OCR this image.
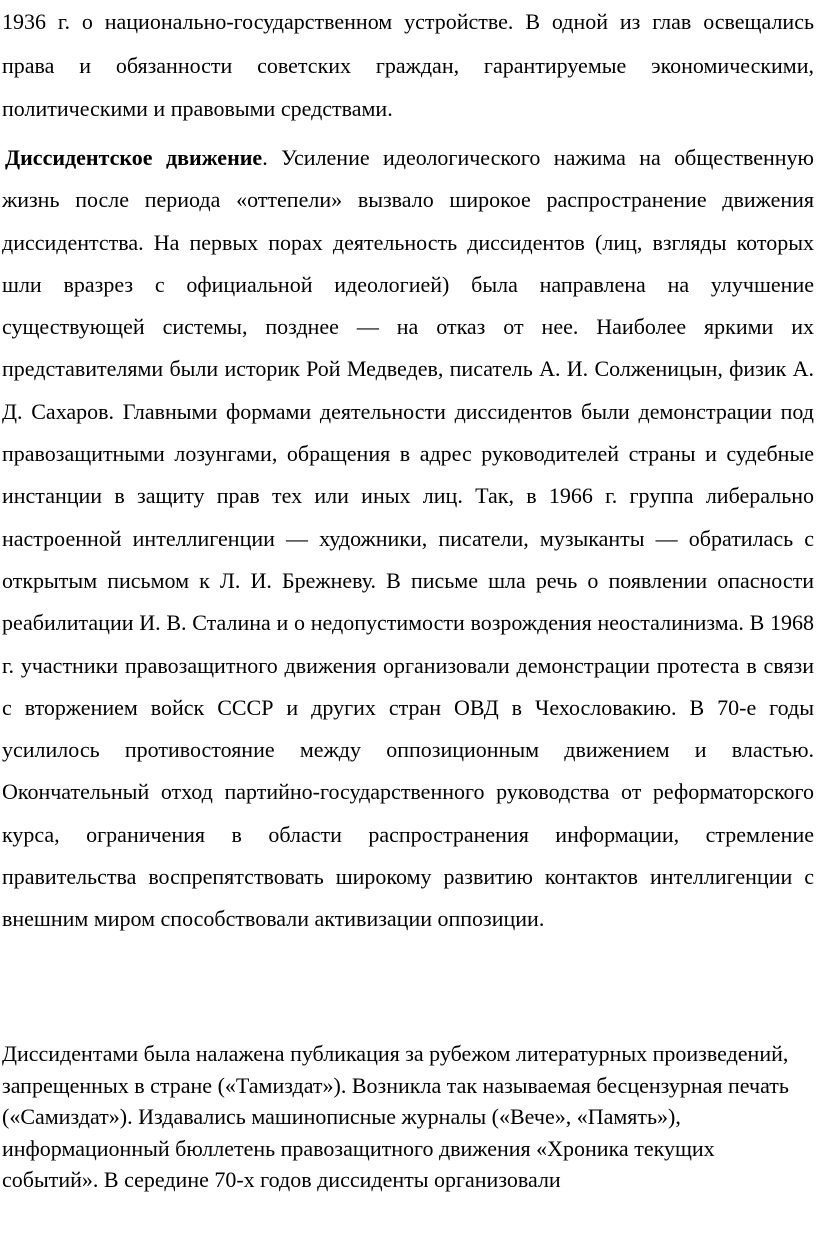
1936 г. о национально-государственном устройстве. В одной из глав освещались права и обязанности советских граждан, гарантируемые экономическими, политическими и правовыми средствами.

Диссидентское движение. Усиление идеологического нажима на общественную жизнь после периода «оттепели» вызвало широкое распространение движения диссидентства. На первых порах деятельность диссидентов (лиц, взгляды которых шли вразрез с официальной идеологией) была направлена на улучшение существующей системы, позднее — на отказ от нее. Наиболее яркими их представителями были историк Рой Медведев, писатель А. И. Солженицын, физик А. Д. Сахаров. Главными формами деятельности диссидентов были демонстрации под правозащитными лозунгами, обращения в адрес руководителей страны и судебные инстанции в защиту прав тех или иных лиц. Так, в 1966 г. группа либерально настроенной интеллигенции — художники, писатели, музыканты — обратилась с открытым письмом к Л. И. Брежневу. В письме шла речь о появлении опасности реабилитации И. В. Сталина и о недопустимости возрождения неосталинизма. В 1968 г. участники правозащитного движения организовали демонстрации протеста в связи с вторжением войск СССР и других стран ОВД в Чехословакию. В 70-е годы усилилось противостояние между оппозиционным движением и властью. Окончательный отход партийно-государственного руководства от реформаторского курса, ограничения в области распространения информации, стремление правительства воспрепятствовать широкому развитию контактов интеллигенции с внешним миром способствовали активизации оппозиции.

Диссидентами была налажена публикация за рубежом литературных произведений, запрещенных в стране («Тамиздат»). Возникла так называемая бесцензурная печать («Самиздат»). Издавались машинописные журналы («Вече», «Память»), информационный бюллетень правозащитного движения «Хроника текущих событий». В середине 70-х годов диссиденты организовали
